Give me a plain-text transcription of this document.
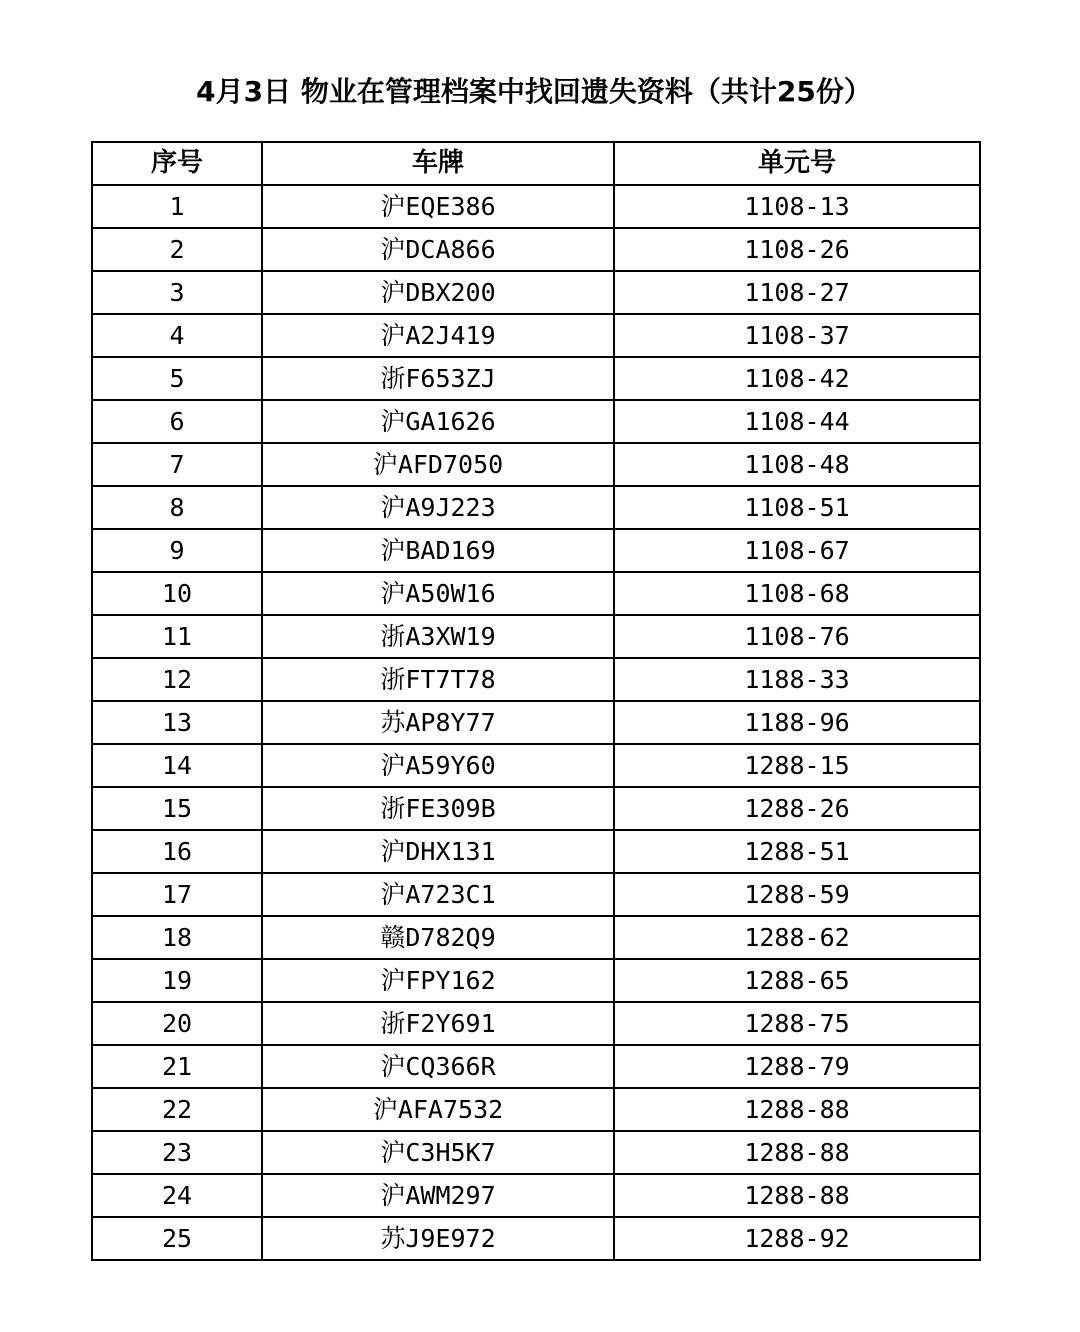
4月3日 物业在管理档案中找回遗失资料（共计25份）
序号	车牌	单元号
1	沪EQE386	1108-13
2	沪DCA866	1108-26
3	沪DBX200	1108-27
4	沪A2J419	1108-37
5	浙F653ZJ	1108-42
6	沪GA1626	1108-44
7	沪AFD7050	1108-48
8	沪A9J223	1108-51
9	沪BAD169	1108-67
10	沪A50W16	1108-68
11	浙A3XW19	1108-76
12	浙FT7T78	1188-33
13	苏AP8Y77	1188-96
14	沪A59Y60	1288-15
15	浙FE309B	1288-26
16	沪DHX131	1288-51
17	沪A723C1	1288-59
18	赣D782Q9	1288-62
19	沪FPY162	1288-65
20	浙F2Y691	1288-75
21	沪CQ366R	1288-79
22	沪AFA7532	1288-88
23	沪C3H5K7	1288-88
24	沪AWM297	1288-88
25	苏J9E972	1288-92
